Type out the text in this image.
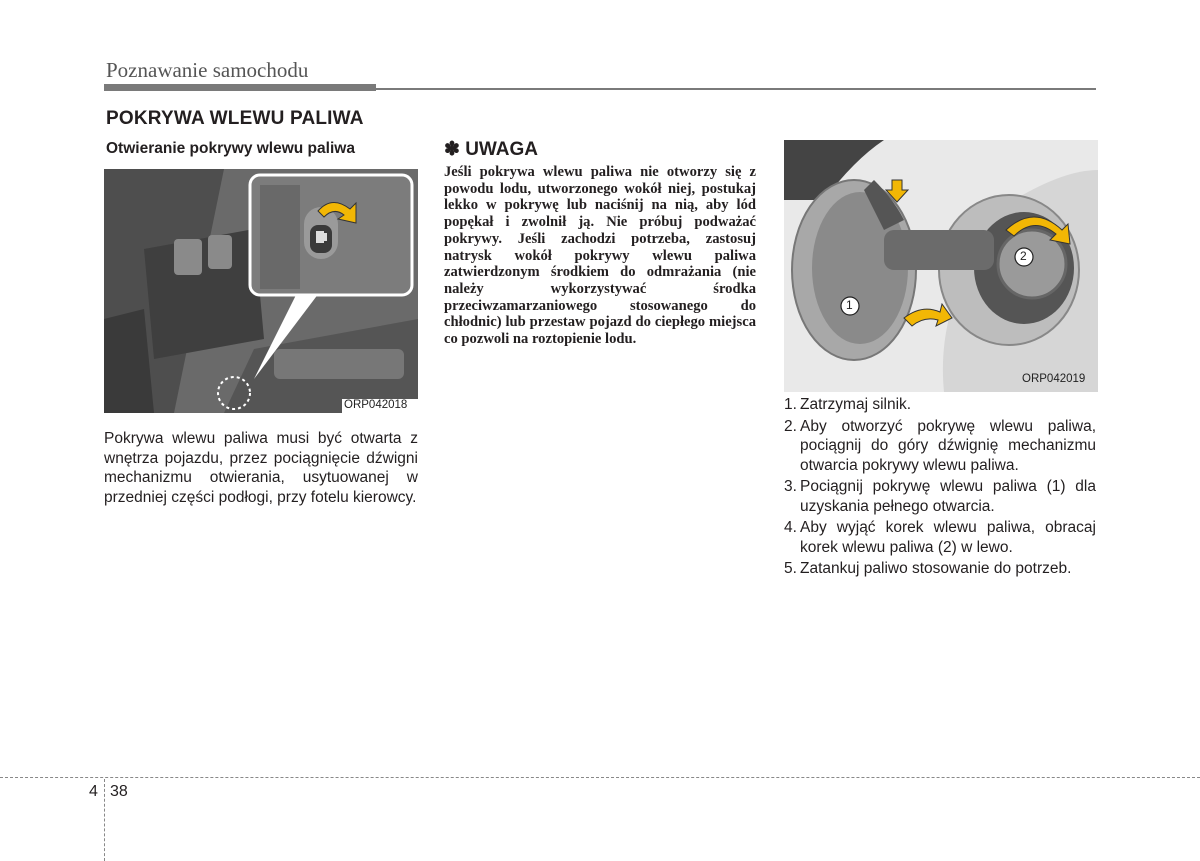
Poznawanie samochodu
POKRYWA WLEWU PALIWA
Otwieranie pokrywy wlewu paliwa
ORP042018
Pokrywa wlewu paliwa musi być otwarta z wnętrza pojazdu, przez pociągnięcie dźwigni mechanizmu otwierania, usytuowanej w przedniej części podłogi, przy fotelu kierowcy.
✽ UWAGA
Jeśli pokrywa wlewu paliwa nie otworzy się z powodu lodu, utworzonego wokół niej, postukaj lekko w pokrywę lub naciśnij na nią, aby lód popękał i zwolnił ją. Nie próbuj podważać pokrywy. Jeśli zachodzi potrzeba, zastosuj natrysk wokół pokrywy wlewu paliwa zatwierdzonym środkiem do odmrażania (nie należy wykorzystywać środka przeciwzamarzaniowego stosowanego do chłodnic) lub przestaw pojazd do ciepłego miejsca co pozwoli na roztopienie lodu.
1
2
ORP042019
1. Zatrzymaj silnik.
2. Aby otworzyć pokrywę wlewu paliwa, pociągnij do góry dźwignię mechanizmu otwarcia pokrywy wlewu paliwa.
3. Pociągnij pokrywę wlewu paliwa (1) dla uzyskania pełnego otwarcia.
4. Aby wyjąć korek wlewu paliwa, obracaj korek wlewu paliwa (2) w lewo.
5. Zatankuj paliwo stosowanie do potrzeb.
4 38
